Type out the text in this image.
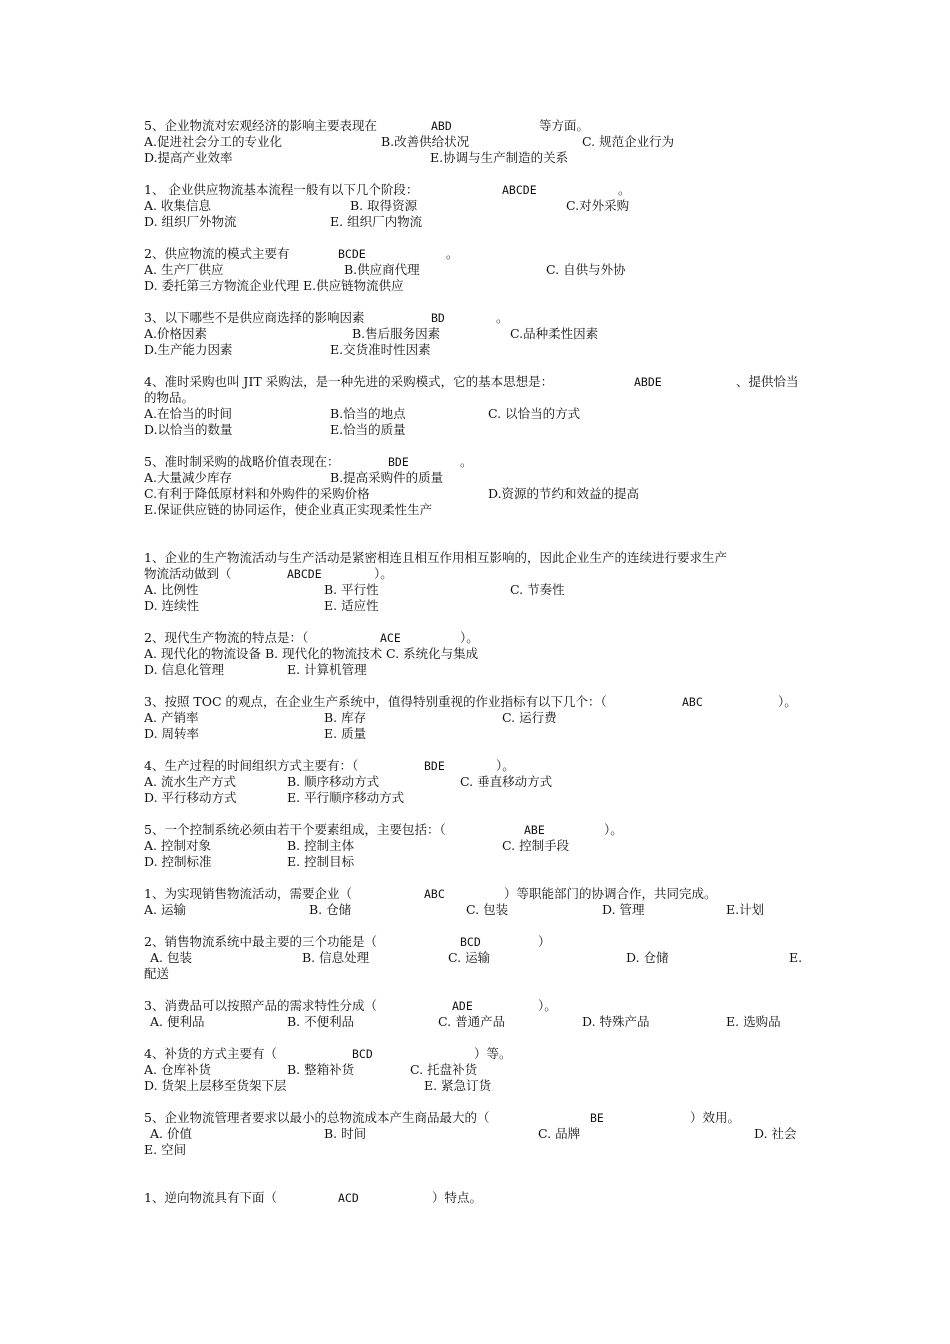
5、企业物流对宏观经济的影响主要表现在	ABD	等方面。
A.促进社会分工的专业化	B.改善供给状况	C. 规范企业行为
D.提高产业效率	E.协调与生产制造的关系
1、 企业供应物流基本流程一般有以下几个阶段：	ABCDE	。
A. 收集信息	B. 取得资源	C.对外采购
D. 组织厂外物流	E. 组织厂内物流
2、供应物流的模式主要有	BCDE	。
A. 生产厂供应	B.供应商代理	C. 自供与外协
D. 委托第三方物流企业代理 E.供应链物流供应
3、以下哪些不是供应商选择的影响因素	BD	。
A.价格因素	B.售后服务因素	C.品种柔性因素
D.生产能力因素	E.交货准时性因素
4、准时采购也叫 JIT 采购法，是一种先进的采购模式，它的基本思想是：	ABDE	、提供恰当
的物品。
A.在恰当的时间	B.恰当的地点	C. 以恰当的方式
D.以恰当的数量	E.恰当的质量
5、准时制采购的战略价值表现在：	BDE	。
A.大量减少库存	B.提高采购件的质量
C.有利于降低原材料和外购件的采购价格	D.资源的节约和效益的提高
E.保证供应链的协同运作，使企业真正实现柔性生产
1、企业的生产物流活动与生产活动是紧密相连且相互作用相互影响的，因此企业生产的连续进行要求生产
物流活动做到（	ABCDE	）。
A. 比例性	B. 平行性	C. 节奏性
D. 连续性	E. 适应性
2、现代生产物流的特点是：（	ACE	）。
A. 现代化的物流设备 B. 现代化的物流技术 C. 系统化与集成
D. 信息化管理	E. 计算机管理
3、按照 TOC 的观点，在企业生产系统中，值得特别重视的作业指标有以下几个：（	ABC	）。
A. 产销率	B. 库存	C. 运行费
D. 周转率	E. 质量
4、生产过程的时间组织方式主要有：（	BDE	）。
A. 流水生产方式	B. 顺序移动方式	C. 垂直移动方式
D. 平行移动方式	E. 平行顺序移动方式
5、一个控制系统必须由若干个要素组成，主要包括：（	ABE	）。
A. 控制对象	B. 控制主体	C. 控制手段
D. 控制标准	E. 控制目标
1、为实现销售物流活动，需要企业（	ABC	）等职能部门的协调合作，共同完成。
A. 运输	B. 仓储	C. 包装	D. 管理	E.计划
2、销售物流系统中最主要的三个功能是（	BCD	）
A. 包装	B. 信息处理	C. 运输	D. 仓储	E.
配送
3、消费品可以按照产品的需求特性分成（	ADE	）。
A. 便利品	B. 不便利品	C. 普通产品	D. 特殊产品	E. 选购品
4、补货的方式主要有（	BCD	）等。
A. 仓库补货	B. 整箱补货	C. 托盘补货
D. 货架上层移至货架下层	E. 紧急订货
5、企业物流管理者要求以最小的总物流成本产生商品最大的（	BE	）效用。
A. 价值	B. 时间	C. 品牌	D. 社会
E. 空间
1、逆向物流具有下面（	ACD	）特点。
